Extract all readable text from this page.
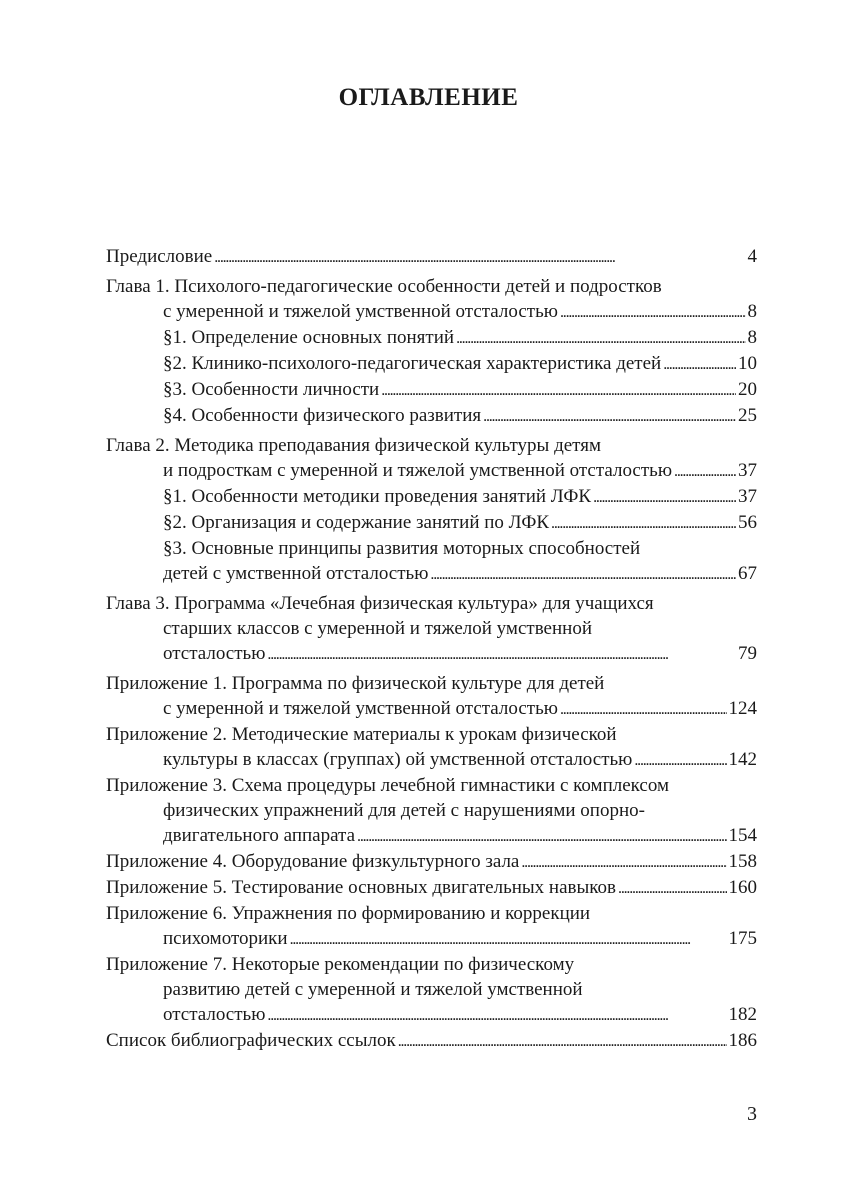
ОГЛАВЛЕНИЕ
Предисловие . . .	4
Глава 1. Психолого-педагогические особенности детей и подростков
с умеренной и тяжелой умственной отсталостью . . .	8
§1. Определение основных понятий . . .	8
§2. Клинико-психолого-педагогическая характеристика детей . . .	10
§3. Особенности личности . . .	20
§4. Особенности физического развития . . .	25
Глава 2. Методика преподавания физической культуры детям
и подросткам с умеренной и тяжелой умственной отсталостью . . .	37
§1. Особенности методики проведения занятий ЛФК . . .	37
§2. Организация и содержание занятий по ЛФК . . .	56
§3. Основные принципы развития моторных способностей
детей с умственной отсталостью . . .	67
Глава 3. Программа «Лечебная физическая культура» для учащихся
старших классов с умеренной и тяжелой умственной
отсталостью . . .	79
Приложение 1. Программа по физической культуре для детей
с умеренной и тяжелой умственной отсталостью . . .	124
Приложение 2. Методические материалы к урокам физической
культуры в классах (группах) ой умственной отсталостью . . .	142
Приложение 3. Схема процедуры лечебной гимнастики с комплексом
физических упражнений для детей с нарушениями опорно-
двигательного аппарата . . .	154
Приложение 4. Оборудование физкультурного зала . . .	158
Приложение 5. Тестирование основных двигательных навыков . . .	160
Приложение 6. Упражнения по формированию и коррекции
психомоторики . . .	175
Приложение 7. Некоторые рекомендации по физическому
развитию детей с умеренной и тяжелой умственной
отсталостью . . .	182
Список библиографических ссылок . . .	186
3
